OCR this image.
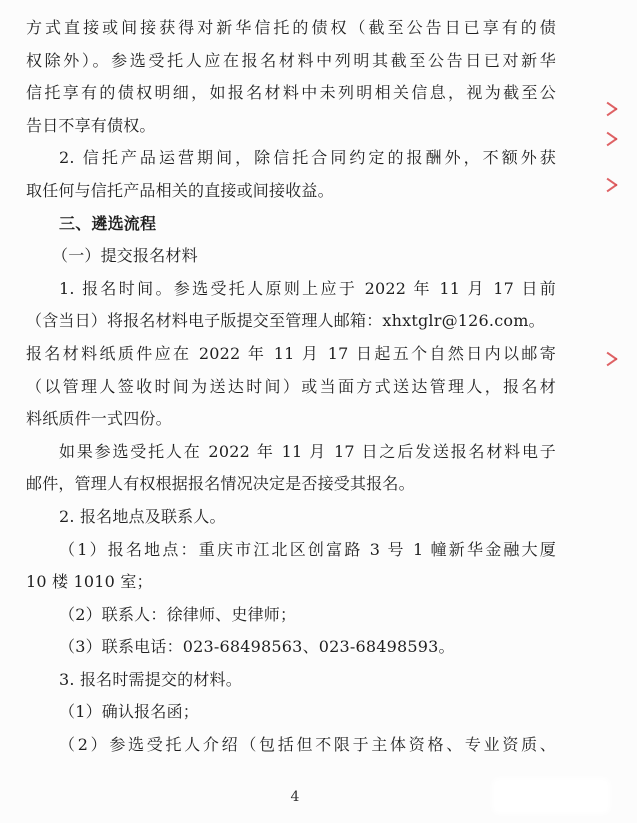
方式直接或间接获得对新华信托的债权（截至公告日已享有的债
权除外）。参选受托人应在报名材料中列明其截至公告日已对新华
信托享有的债权明细，如报名材料中未列明相关信息，视为截至公
告日不享有债权。
2. 信托产品运营期间，除信托合同约定的报酬外，不额外获
取任何与信托产品相关的直接或间接收益。
三、遴选流程
（一）提交报名材料
1. 报名时间。参选受托人原则上应于 2022 年 11 月 17 日前
（含当日）将报名材料电子版提交至管理人邮箱：xhxtglr@126.com。
报名材料纸质件应在 2022 年 11 月 17 日起五个自然日内以邮寄
（以管理人签收时间为送达时间）或当面方式送达管理人，报名材
料纸质件一式四份。
如果参选受托人在 2022 年 11 月 17 日之后发送报名材料电子
邮件，管理人有权根据报名情况决定是否接受其报名。
2. 报名地点及联系人。
（1）报名地点：重庆市江北区创富路 3 号 1 幢新华金融大厦
10 楼 1010 室；
（2）联系人：徐律师、史律师；
（3）联系电话：023-68498563、023-68498593。
3. 报名时需提交的材料。
（1）确认报名函；
（2）参选受托人介绍（包括但不限于主体资格、专业资质、
4
